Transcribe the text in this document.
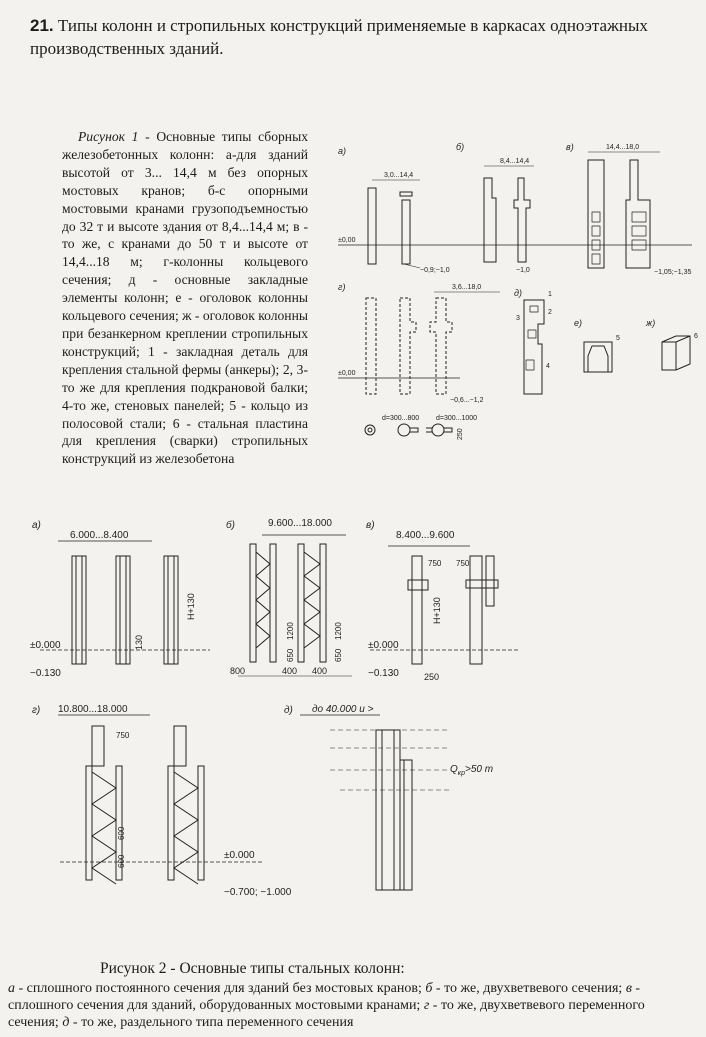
21. Типы колонн и стропильных конструкций применяемые в каркасах одноэтажных производственных зданий.
Рисунок 1 - Основные типы сборных железобетонных колонн: а-для зданий высотой от 3... 14,4 м без опорных мостовых кранов; б-с опорными мостовыми кранами грузоподъемностью до 32 т и высоте здания от 8,4...14,4 м; в - то же, с кранами до 50 т и высоте от 14,4...18 м; г-колонны кольцевого сечения; д - основные закладные элементы колонн; е - оголовок колонны кольцевого сечения; ж - оголовок колонны при безанкерном креплении стропильных конструкций; 1 - закладная деталь для крепления стальной фермы (анкеры); 2, 3-то же для крепления подкрановой балки; 4-то же, стеновых панелей; 5 - кольцо из полосовой стали; 6 - стальная пластина для крепления (сварки) стропильных конструкций из железобетона
а)	б)	в)
±0,00
3,0...14,4
−0,9;−1,0
8,4...14,4
−1,0
14,4...18,0
−1,05;−1,35
г)
д)
е)	ж)
±0,00
3,6...18,0
−0,6...−1,2
d=300...800 d=300...1000
250
1
2
3
4
5	6
а)
6.000...8.400
±0.000
−0.130
H+130
130
б)	9.600...18.000
1200	1200
650	650
800	400 400
в)
8.400...9.600
750 750
H+130
±0.000
−0.130	250
г) 10.800...18.000
750
600
600	±0.000
−0.700; −1.000
д) до 40.000 и >
$Q_{кр}>50$ т
Рисунок 2 - Основные типы стальных колонн:
а - сплошного постоянного сечения для зданий без мостовых кранов; б - то же, двухветвевого сечения; в - сплошного сечения для зданий, оборудованных мостовыми кранами; г - то же, двухветвевого переменного сечения; д - то же, раздельного типа переменного сечения
